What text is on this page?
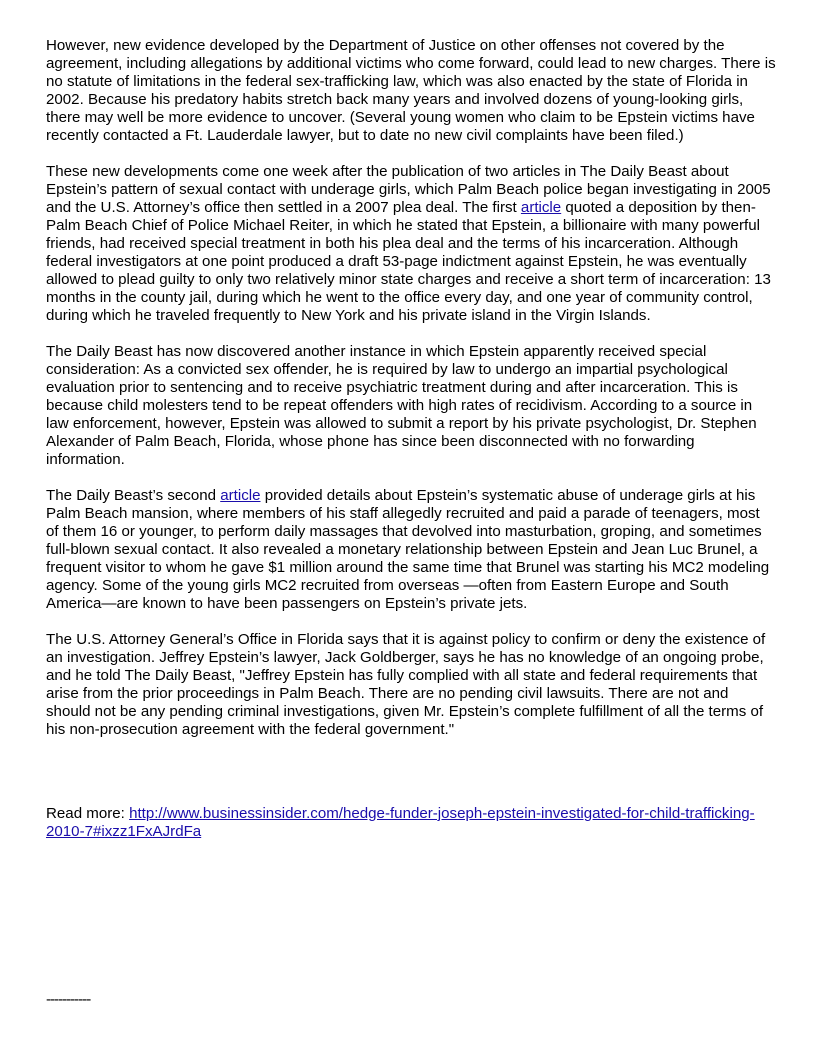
However, new evidence developed by the Department of Justice on other offenses not covered by the agreement, including allegations by additional victims who come forward, could lead to new charges. There is no statute of limitations in the federal sex-trafficking law, which was also enacted by the state of Florida in 2002. Because his predatory habits stretch back many years and involved dozens of young-looking girls, there may well be more evidence to uncover. (Several young women who claim to be Epstein victims have recently contacted a Ft. Lauderdale lawyer, but to date no new civil complaints have been filed.)

These new developments come one week after the publication of two articles in The Daily Beast about Epstein’s pattern of sexual contact with underage girls, which Palm Beach police began investigating in 2005 and the U.S. Attorney’s office then settled in a 2007 plea deal. The first article quoted a deposition by then-Palm Beach Chief of Police Michael Reiter, in which he stated that Epstein, a billionaire with many powerful friends, had received special treatment in both his plea deal and the terms of his incarceration. Although federal investigators at one point produced a draft 53-page indictment against Epstein, he was eventually allowed to plead guilty to only two relatively minor state charges and receive a short term of incarceration: 13 months in the county jail, during which he went to the office every day, and one year of community control, during which he traveled frequently to New York and his private island in the Virgin Islands.

The Daily Beast has now discovered another instance in which Epstein apparently received special consideration: As a convicted sex offender, he is required by law to undergo an impartial psychological evaluation prior to sentencing and to receive psychiatric treatment during and after incarceration. This is because child molesters tend to be repeat offenders with high rates of recidivism. According to a source in law enforcement, however, Epstein was allowed to submit a report by his private psychologist, Dr. Stephen Alexander of Palm Beach, Florida, whose phone has since been disconnected with no forwarding information.

The Daily Beast’s second article provided details about Epstein’s systematic abuse of underage girls at his Palm Beach mansion, where members of his staff allegedly recruited and paid a parade of teenagers, most of them 16 or younger, to perform daily massages that devolved into masturbation, groping, and sometimes full-blown sexual contact. It also revealed a monetary relationship between Epstein and Jean Luc Brunel, a frequent visitor to whom he gave $1 million around the same time that Brunel was starting his MC2 modeling agency. Some of the young girls MC2 recruited from overseas —often from Eastern Europe and South America—are known to have been passengers on Epstein’s private jets.

The U.S. Attorney General’s Office in Florida says that it is against policy to confirm or deny the existence of an investigation. Jeffrey Epstein’s lawyer, Jack Goldberger, says he has no knowledge of an ongoing probe, and he told The Daily Beast, "Jeffrey Epstein has fully complied with all state and federal requirements that arise from the prior proceedings in Palm Beach. There are no pending civil lawsuits. There are not and should not be any pending criminal investigations, given Mr. Epstein’s complete fulfillment of all the terms of his non-prosecution agreement with the federal government."

Read more: http://www.businessinsider.com/hedge-funder-joseph-epstein-investigated-for-child-trafficking-2010-7#ixzz1FxAJrdFa

-----------
